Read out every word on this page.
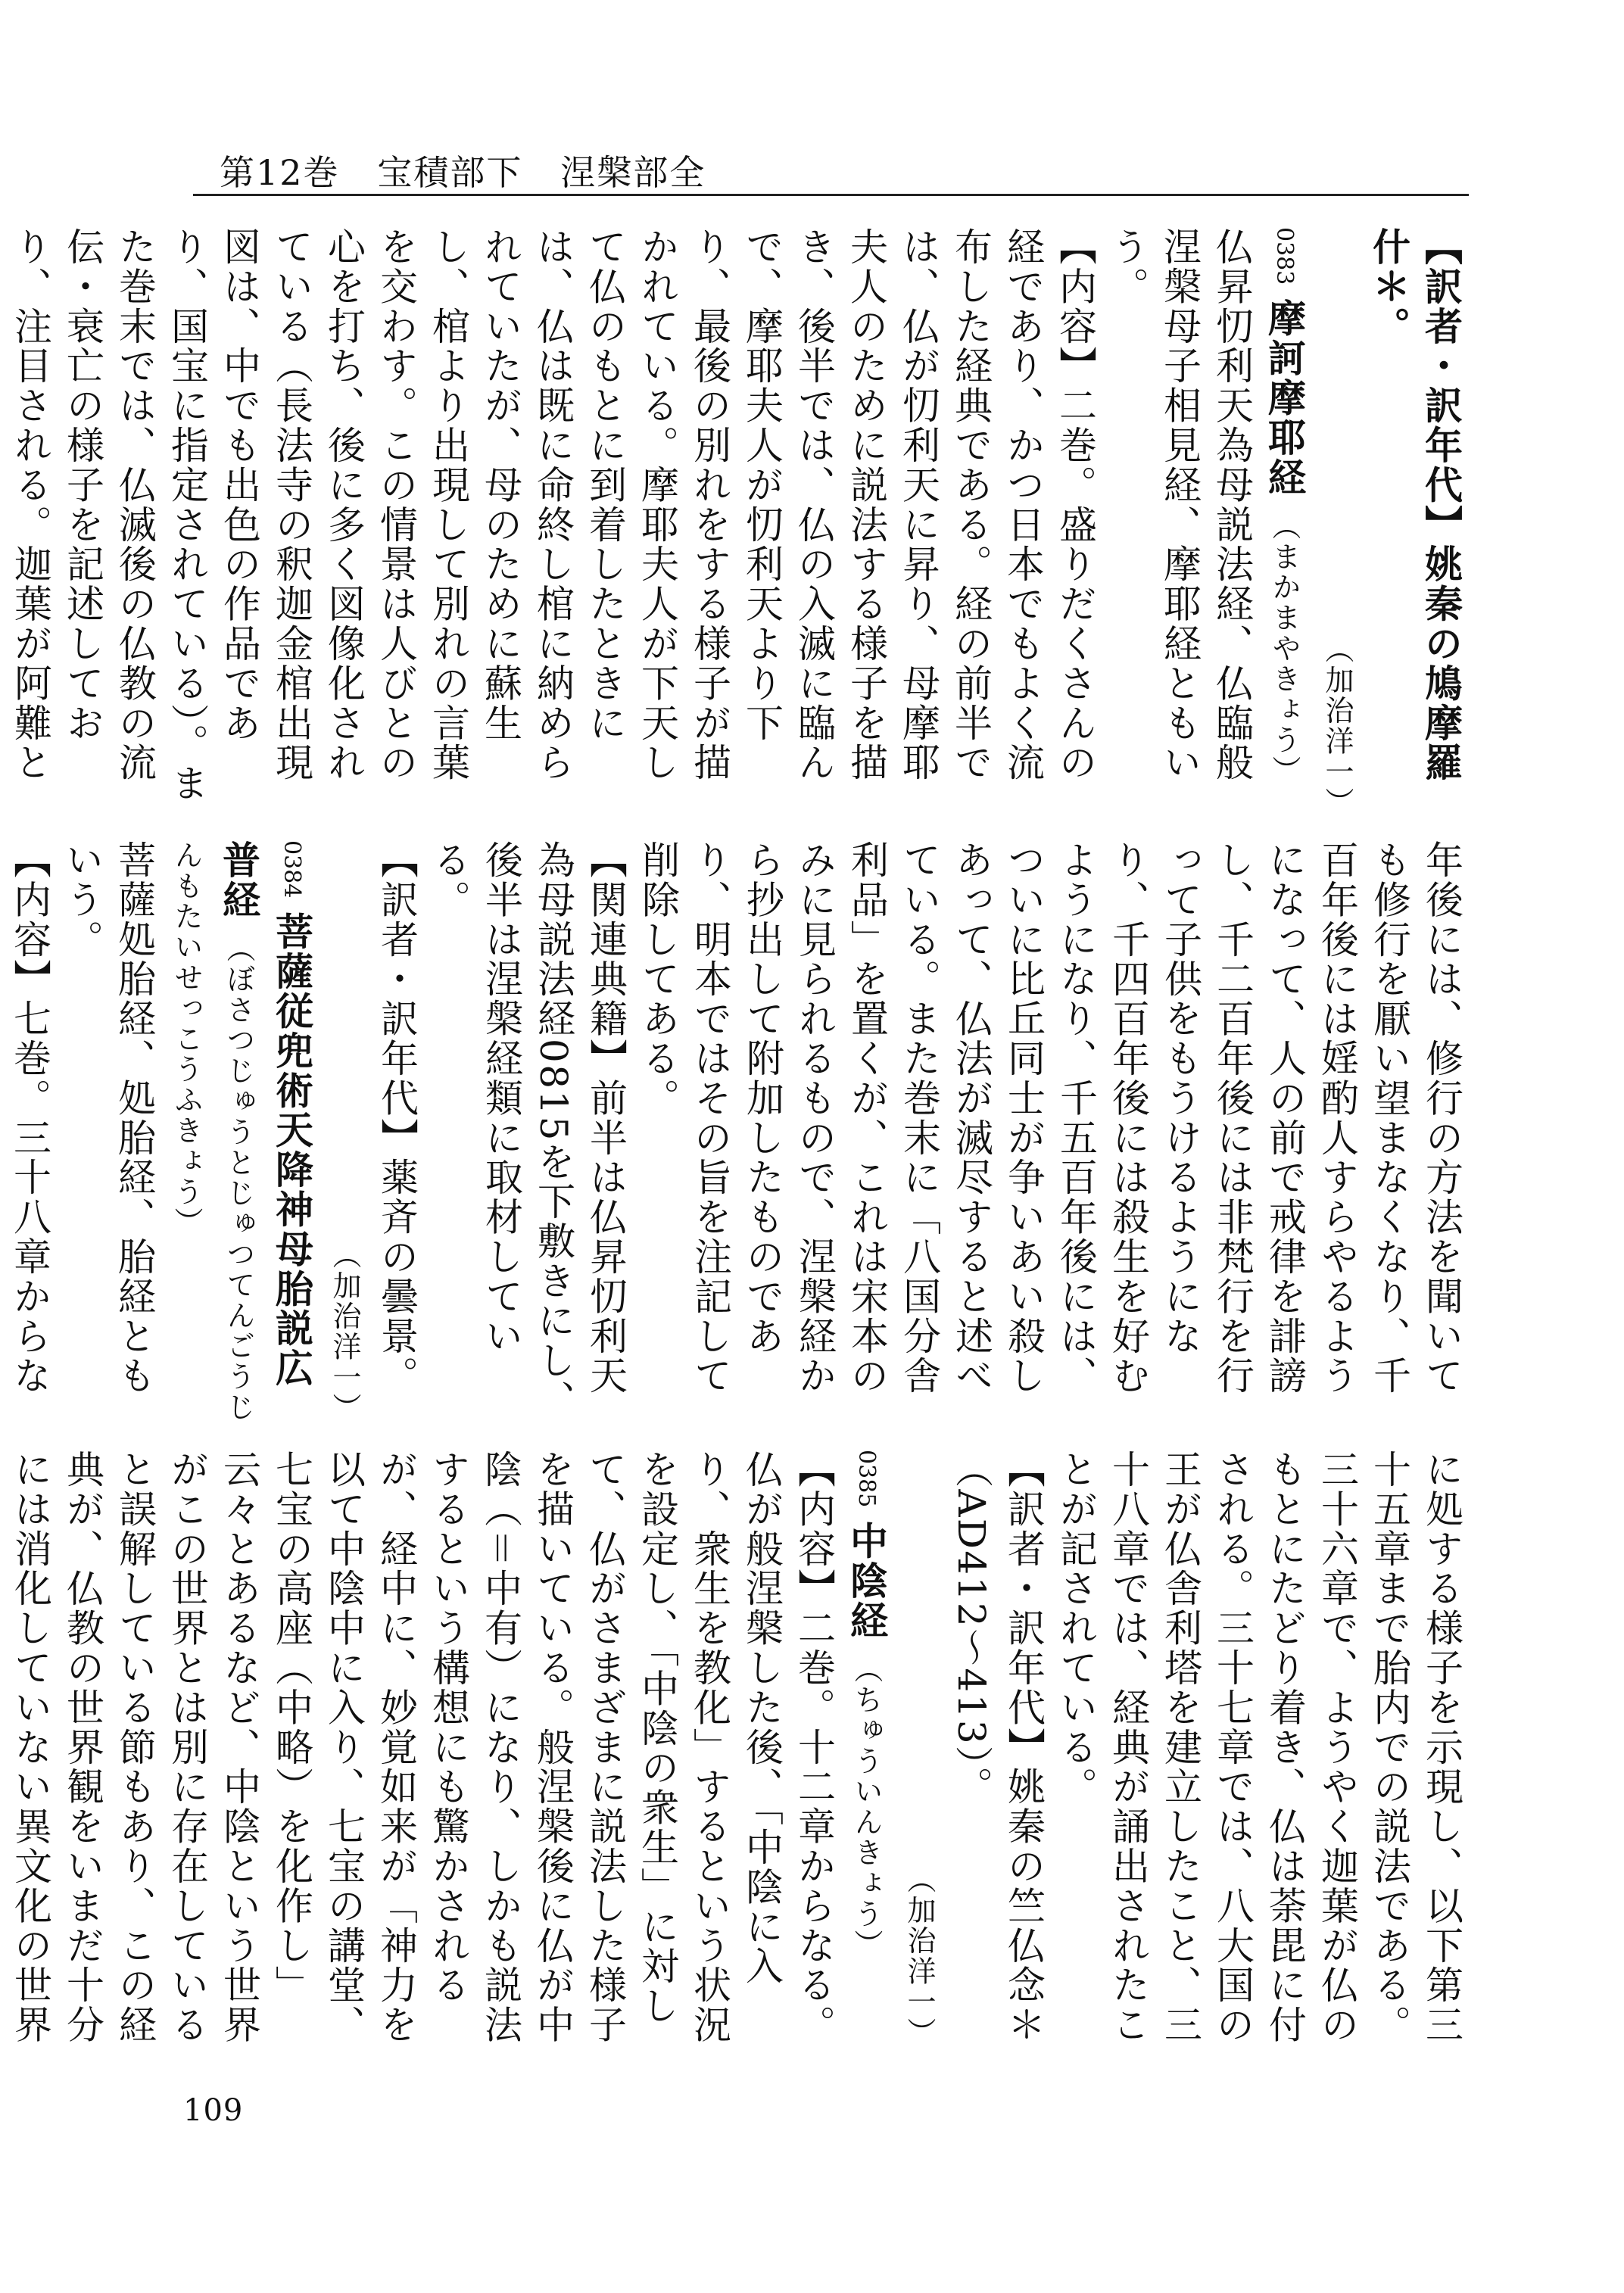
第12巻 宝積部下 涅槃部全

【訳者・訳年代】姚秦の鳩摩羅什＊。

（加治洋一）

0383 摩訶摩耶経 （まかまやきょう）

仏昇忉利天為母説法経、仏臨般涅槃母子相見経、摩耶経ともいう。

【内容】二巻。盛りだくさんの経であり、かつ日本でもよく流布した経典である。経の前半では、仏が忉利天に昇り、母摩耶夫人のために説法する様子を描き、後半では、仏の入滅に臨んで、摩耶夫人が忉利天より下り、最後の別れをする様子が描かれている。摩耶夫人が下天して仏のもとに到着したときには、仏は既に命終し棺に納められていたが、母のために蘇生し、棺より出現して別れの言葉を交わす。この情景は人びとの心を打ち、後に多く図像化されている（長法寺の釈迦金棺出現図は、中でも出色の作品であり、国宝に指定されている）。また巻末では、仏滅後の仏教の流伝・衰亡の様子を記述しており、注目される。迦葉が阿難と

年後には、修行の方法を聞いても修行を厭い望まなくなり、千百年後には婬酌人すらやるようになって、人の前で戒律を誹謗し、千二百年後には非梵行を行って子供をもうけるようになり、千四百年後には殺生を好むようになり、千五百年後には、ついに比丘同士が争いあい殺しあって、仏法が滅尽すると述べている。また巻末に「八国分舎利品」を置くが、これは宋本のみに見られるもので、涅槃経から抄出して附加したものであり、明本ではその旨を注記して削除してある。

【関連典籍】前半は仏昇忉利天為母説法経0815を下敷きにし、後半は涅槃経類に取材している。

【訳者・訳年代】薬斉の曇景。

（加治洋一）

0384 菩薩従兜術天降神母胎説広普経 （ぼさつじゅうとじゅつてんごうじんもたいせっこうふきょう）

菩薩処胎経、処胎経、胎経ともいう。

【内容】七巻。三十八章からな

に処する様子を示現し、以下第三十五章まで胎内での説法である。三十六章で、ようやく迦葉が仏のもとにたどり着き、仏は荼毘に付される。三十七章では、八大国の王が仏舎利塔を建立したこと、三十八章では、経典が誦出されたことが記されている。

【訳者・訳年代】姚秦の竺仏念＊（AD412〜413）。

（加治洋一）

0385 中陰経 （ちゅういんきょう）

【内容】二巻。十二章からなる。仏が般涅槃した後、「中陰に入り、衆生を教化」するという状況を設定し、「中陰の衆生」に対して、仏がさまざまに説法した様子を描いている。般涅槃後に仏が中陰（＝中有）になり、しかも説法するという構想にも驚かされるが、経中に、妙覚如来が「神力を以て中陰中に入り、七宝の講堂、七宝の高座（中略）を化作し」云々とあるなど、中陰という世界がこの世界とは別に存在していると誤解している節もあり、この経典が、仏教の世界観をいまだ十分には消化していない異文化の世界

109
